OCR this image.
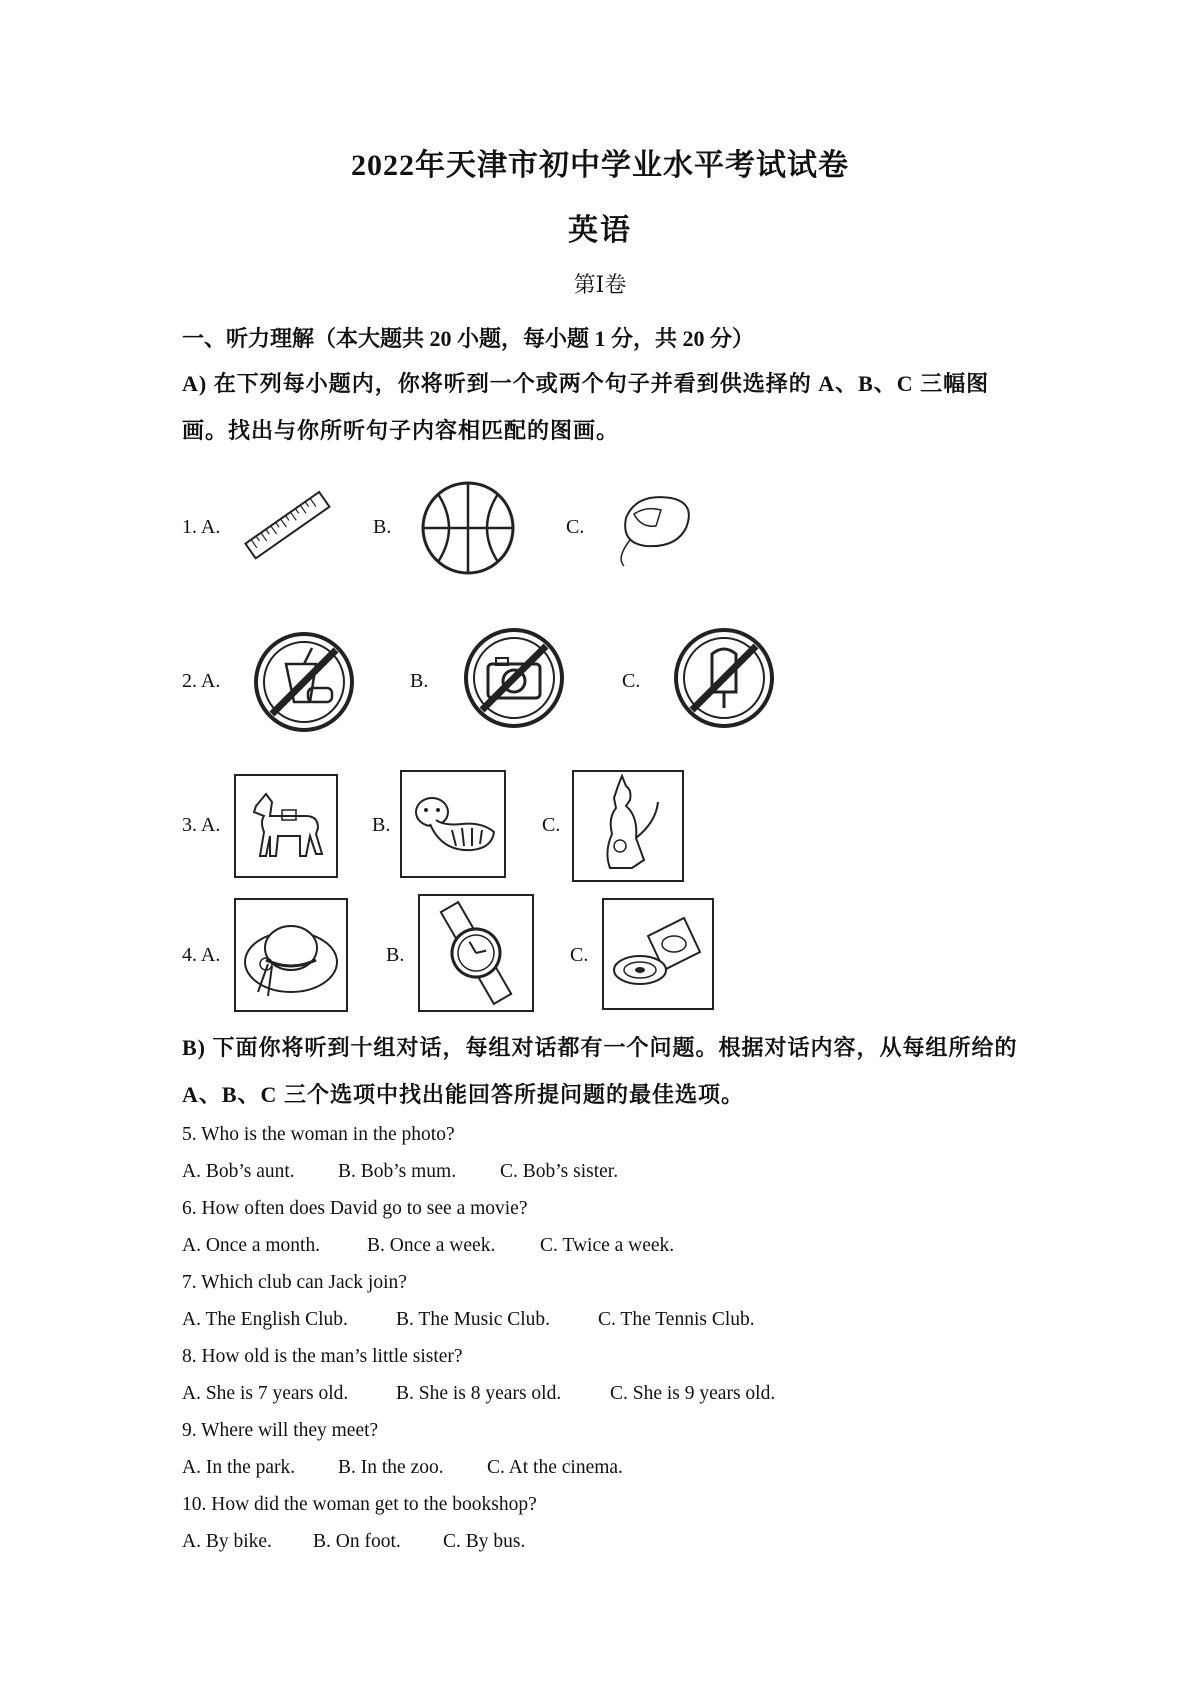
2022年天津市初中学业水平考试试卷
英语
第Ⅰ卷
一、听力理解（本大题共 20 小题，每小题 1 分，共 20 分）
A) 在下列每小题内，你将听到一个或两个句子并看到供选择的 A、B、C 三幅图画。找出与你所听句子内容相匹配的图画。
1. A.	B.	C.
2. A.	B.	C.
3. A.	B.	C.
4. A.	B.	C.
B) 下面你将听到十组对话，每组对话都有一个问题。根据对话内容，从每组所给的 A、B、C 三个选项中找出能回答所提问题的最佳选项。
5. Who is the woman in the photo?
A. Bob’s aunt. B. Bob’s mum. C. Bob’s sister.
6. How often does David go to see a movie?
A. Once a month. B. Once a week. C. Twice a week.
7. Which club can Jack join?
A. The English Club. B. The Music Club. C. The Tennis Club.
8. How old is the man’s little sister?
A. She is 7 years old. B. She is 8 years old.	C. She is 9 years old.
9. Where will they meet?
A. In the park. B. In the zoo. C. At the cinema.
10. How did the woman get to the bookshop?
A. By bike. B. On foot. C. By bus.
